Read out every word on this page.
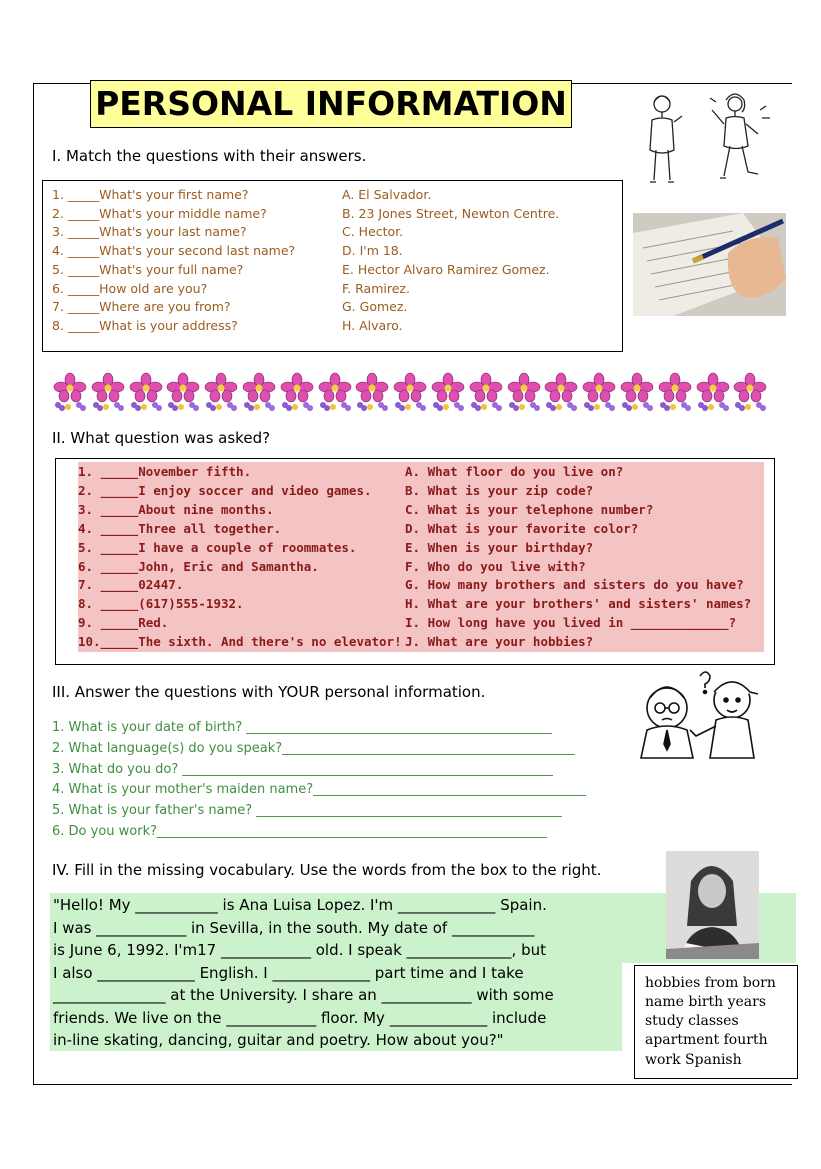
PERSONAL INFORMATION
I. Match the questions with their answers.
1. _____What's your first name?
2. _____What's your middle name?
3. _____What's your last name?
4. _____What's your second last name?
5. _____What's your full name?
6. _____How old are you?
7. _____Where are you from?
8. _____What is your address?
A. El Salvador.
B. 23 Jones Street, Newton Centre.
C. Hector.
D. I'm 18.
E. Hector Alvaro Ramirez Gomez.
F. Ramirez.
G. Gomez.
H. Alvaro.
II. What question was asked?
1. _____November fifth.
2. _____I enjoy soccer and video games.
3. _____About nine months.
4. _____Three all together.
5. _____I have a couple of roommates.
6. _____John, Eric and Samantha.
7. _____02447.
8. _____(617)555-1932.
9. _____Red.
10._____The sixth. And there's no elevator!
A. What floor do you live on?
B. What is your zip code?
C. What is your telephone number?
D. What is your favorite color?
E. When is your birthday?
F. Who do you live with?
G. How many brothers and sisters do you have?
H. What are your brothers' and sisters' names?
I. How long have you lived in _____________?
J. What are your hobbies?
III. Answer the questions with YOUR personal information.
1. What is your date of birth? _______________________________________________
2. What language(s) do you speak?_____________________________________________
3. What do you do? _________________________________________________________
4. What is your mother's maiden name?__________________________________________
5. What is your father's name? _______________________________________________
6. Do you work?____________________________________________________________
IV. Fill in the missing vocabulary. Use the words from the box to the right.
"Hello! My ___________ is Ana Luisa Lopez. I'm _____________ Spain.
I was ____________ in Sevilla, in the south. My date of ___________
is June 6, 1992. I'm17 ____________ old. I speak ______________, but
I also _____________ English. I _____________ part time and I take
_______________ at the University. I share an ____________ with some
friends. We live on the ____________ floor. My _____________ include
in-line skating, dancing, guitar and poetry. How about you?"
hobbies from born
name birth years
study classes
apartment fourth
work Spanish
